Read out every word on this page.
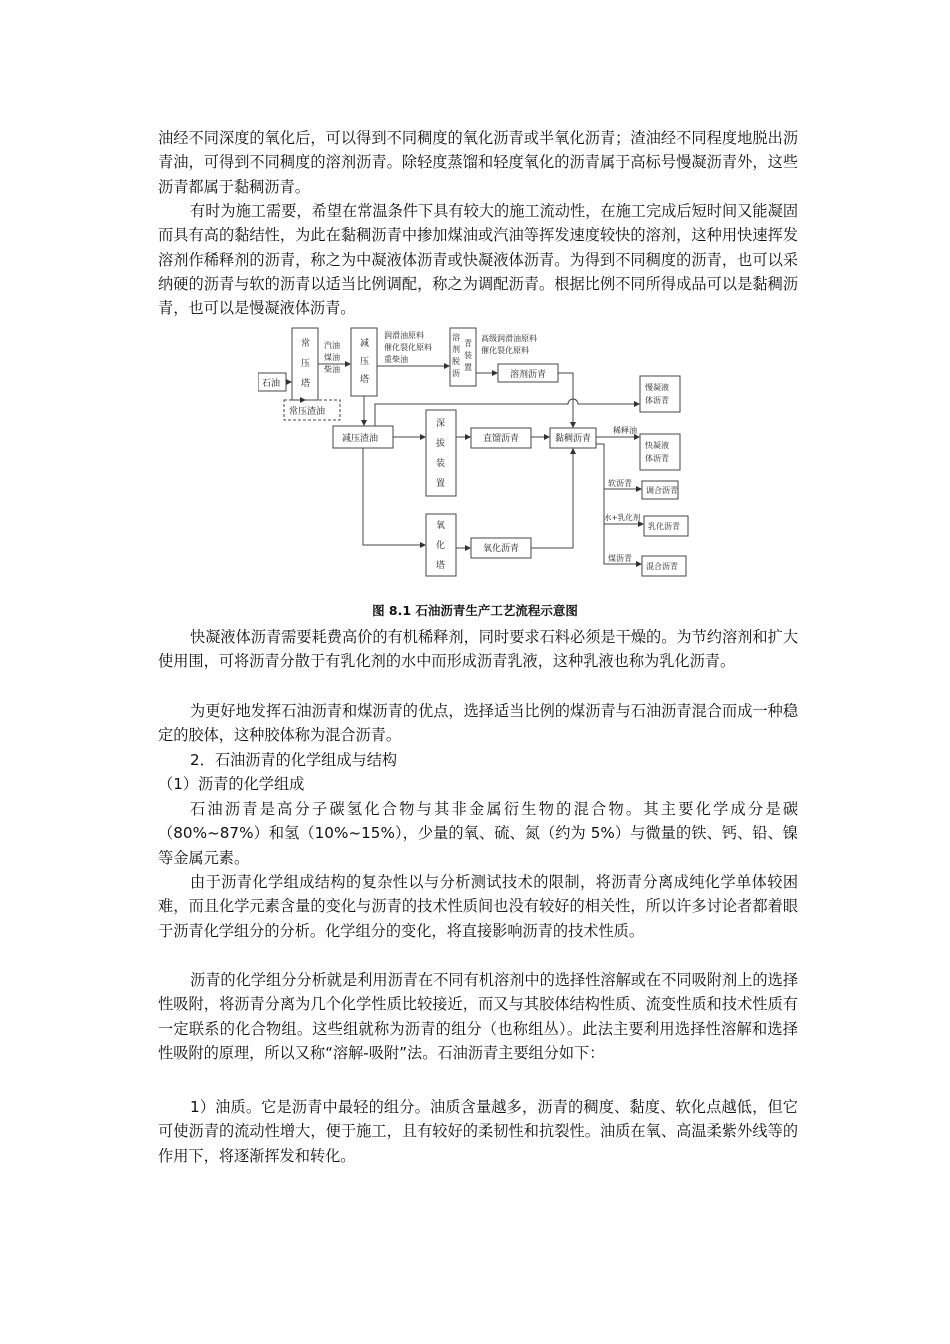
油经不同深度的氧化后，可以得到不同稠度的氧化沥青或半氧化沥青；渣油经不同程度地脱出沥青油，可得到不同稠度的溶剂沥青。除轻度蒸馏和轻度氧化的沥青属于高标号慢凝沥青外，这些沥青都属于黏稠沥青。

有时为施工需要，希望在常温条件下具有较大的施工流动性，在施工完成后短时间又能凝固而具有高的黏结性，为此在黏稠沥青中掺加煤油或汽油等挥发速度较快的溶剂，这种用快速挥发溶剂作稀释剂的沥青，称之为中凝液体沥青或快凝液体沥青。为得到不同稠度的沥青，也可以采纳硬的沥青与软的沥青以适当比例调配，称之为调配沥青。根据比例不同所得成品可以是黏稠沥青，也可以是慢凝液体沥青。

石油
常
压
塔
常压渣油
汽油
煤油
柴油
减
压
塔
润滑油原料
催化裂化原料
重柴油
减压渣油
溶
剂
脱
沥
青
装
置
高级润滑油原料
催化裂化原料
溶剂沥青
深
拔
装
置
直馏沥青	黏稠沥青
氧
化
塔
氧化沥青
慢凝液
体沥青
快凝液
体沥青
稀释油
软沥青
调合沥青
水+乳化剂
乳化沥青
煤沥青
混合沥青
图 8.1 石油沥青生产工艺流程示意图

快凝液体沥青需要耗费高价的有机稀释剂，同时要求石料必须是干燥的。为节约溶剂和扩大使用围，可将沥青分散于有乳化剂的水中而形成沥青乳液，这种乳液也称为乳化沥青。

为更好地发挥石油沥青和煤沥青的优点，选择适当比例的煤沥青与石油沥青混合而成一种稳定的胶体，这种胶体称为混合沥青。

2．石油沥青的化学组成与结构

（1）沥青的化学组成

石油沥青是高分子碳氢化合物与其非金属衍生物的混合物。其主要化学成分是碳（80%~87%）和氢（10%~15%），少量的氧、硫、氮（约为 5%）与微量的铁、钙、铅、镍等金属元素。

由于沥青化学组成结构的复杂性以与分析测试技术的限制，将沥青分离成纯化学单体较困难，而且化学元素含量的变化与沥青的技术性质间也没有较好的相关性，所以许多讨论者都着眼于沥青化学组分的分析。化学组分的变化，将直接影响沥青的技术性质。

沥青的化学组分分析就是利用沥青在不同有机溶剂中的选择性溶解或在不同吸附剂上的选择性吸附，将沥青分离为几个化学性质比较接近，而又与其胶体结构性质、流变性质和技术性质有一定联系的化合物组。这些组就称为沥青的组分（也称组丛）。此法主要利用选择性溶解和选择性吸附的原理，所以又称“溶解-吸附”法。石油沥青主要组分如下：

1）油质。它是沥青中最轻的组分。油质含量越多，沥青的稠度、黏度、软化点越低，但它可使沥青的流动性增大，便于施工，且有较好的柔韧性和抗裂性。油质在氧、高温柔紫外线等的作用下，将逐渐挥发和转化。
